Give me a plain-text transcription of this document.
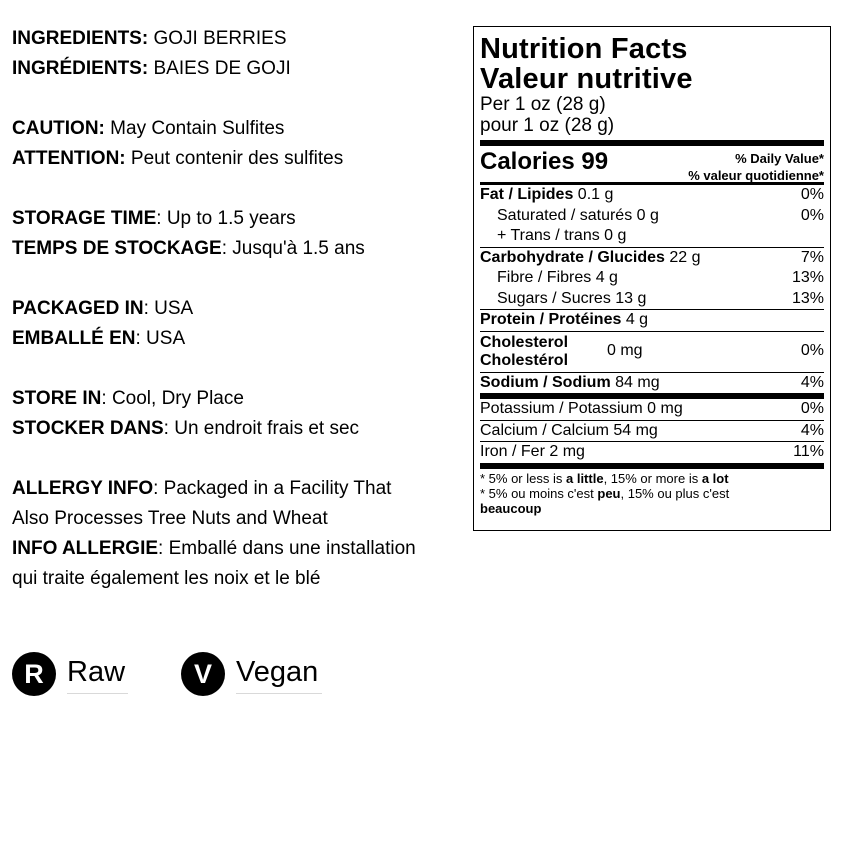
INGREDIENTS: GOJI BERRIES
INGRÉDIENTS: BAIES DE GOJI
CAUTION: May Contain Sulfites
ATTENTION: Peut contenir des sulfites
STORAGE TIME: Up to 1.5 years
TEMPS DE STOCKAGE: Jusqu'à 1.5 ans
PACKAGED IN: USA
EMBALLÉ EN: USA
STORE IN: Cool, Dry Place
STOCKER DANS: Un endroit frais et sec
ALLERGY INFO: Packaged in a Facility That
Also Processes Tree Nuts and Wheat
INFO ALLERGIE: Emballé dans une installation
qui traite également les noix et le blé
R Raw	V Vegan
Nutrition Facts
Valeur nutritive
Per 1 oz (28 g)
pour 1 oz (28 g)
Calories 99	% Daily Value*
% valeur quotidienne*
Fat / Lipides 0.1 g	0%
Saturated / saturés 0 g	0%
+ Trans / trans 0 g
Carbohydrate / Glucides 22 g	7%
Fibre / Fibres 4 g	13%
Sugars / Sucres 13 g	13%
Protein / Protéines 4 g
Cholesterol
Cholestérol
0 mg	0%
Sodium / Sodium 84 mg	4%
Potassium / Potassium 0 mg	0%
Calcium / Calcium 54 mg	4%
Iron / Fer 2 mg	11%
* 5% or less is a little, 15% or more is a lot
* 5% ou moins c'est peu, 15% ou plus c'est
beaucoup
